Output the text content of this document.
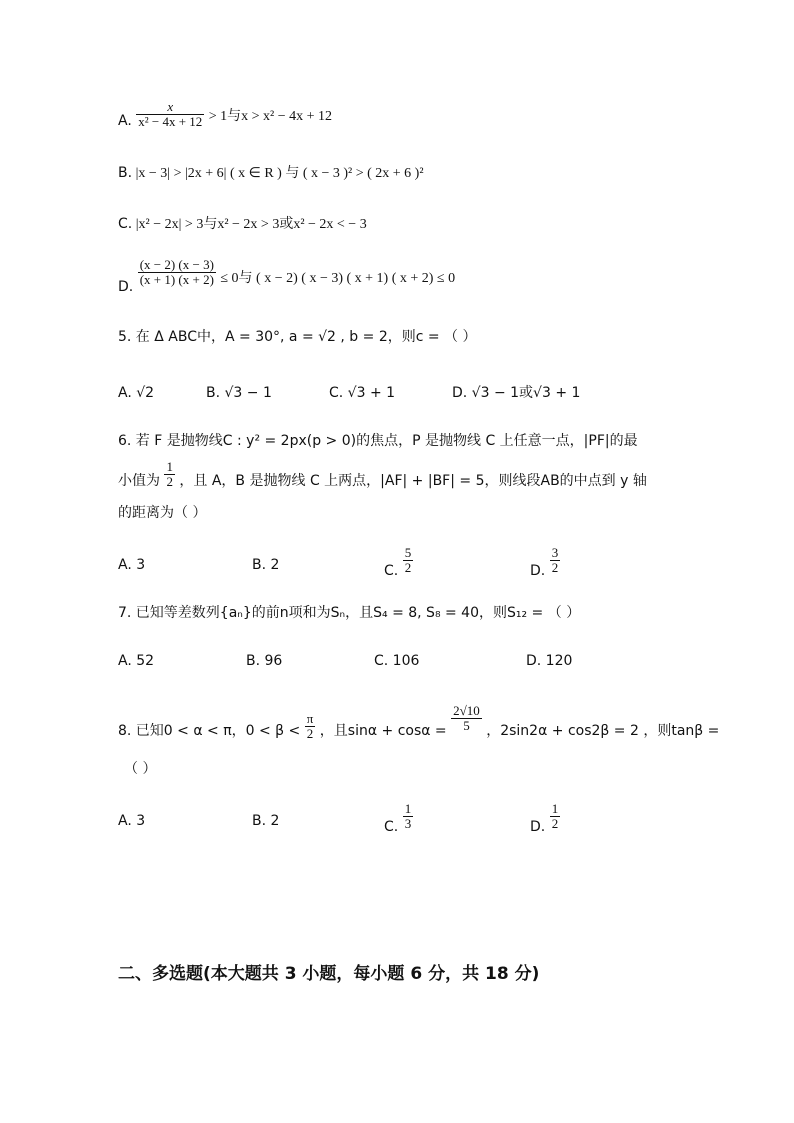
A. $\frac{x}{\text{x² − 4x + 12}} > 1$与x > x² − 4x + 12
B. |x − 3| > |2x + 6| ( x ∈ R ) 与 ( x − 3 )² > ( 2x + 6 )²
C. |x² − 2x| > 3与x² − 2x > 3或x² − 2x < − 3
D.
$\frac{(x - 2) (x - 3)}{(x + 1) (x + 2)} \le 0$与 ( x − 2) ( x − 3) ( x + 1) ( x + 2) ≤ 0
5. 在 Δ ABC中，A = 30°, a = √2 , b = 2，则c = （ ）
A. √2	B. √3 − 1	C. √3 + 1	D. √3 − 1或√3 + 1
6. 若 F 是抛物线C : y² = 2px(p > 0)的焦点，P 是抛物线 C 上任意一点，|PF|的最
小值为 $\frac{1}{2}$ ，且 A，B 是抛物线 C 上两点，|AF| + |BF| = 5，则线段AB的中点到 y 轴
的距离为（ ）
A. 3	B. 2	C. $\frac{5}{2}$	D. $\frac{3}{2}$
7. 已知等差数列{aₙ}的前n项和为Sₙ，且S₄ = 8, S₈ = 40，则S₁₂ = （ ）
A. 52	B. 96	C. 106	D. 120
8. 已知0 < α < π，$0 < \beta < \frac{\pi}{2}$ ，且$\sin\alpha + \cos\alpha = \frac{2√10}{5}$ ，2sin2α + cos2β = 2 ，则tanβ =
（ ）
A. 3	B. 2	C. $\frac{1}{3}$	D. $\frac{1}{2}$
二、多选题(本大题共 3 小题，每小题 6 分，共 18 分)
